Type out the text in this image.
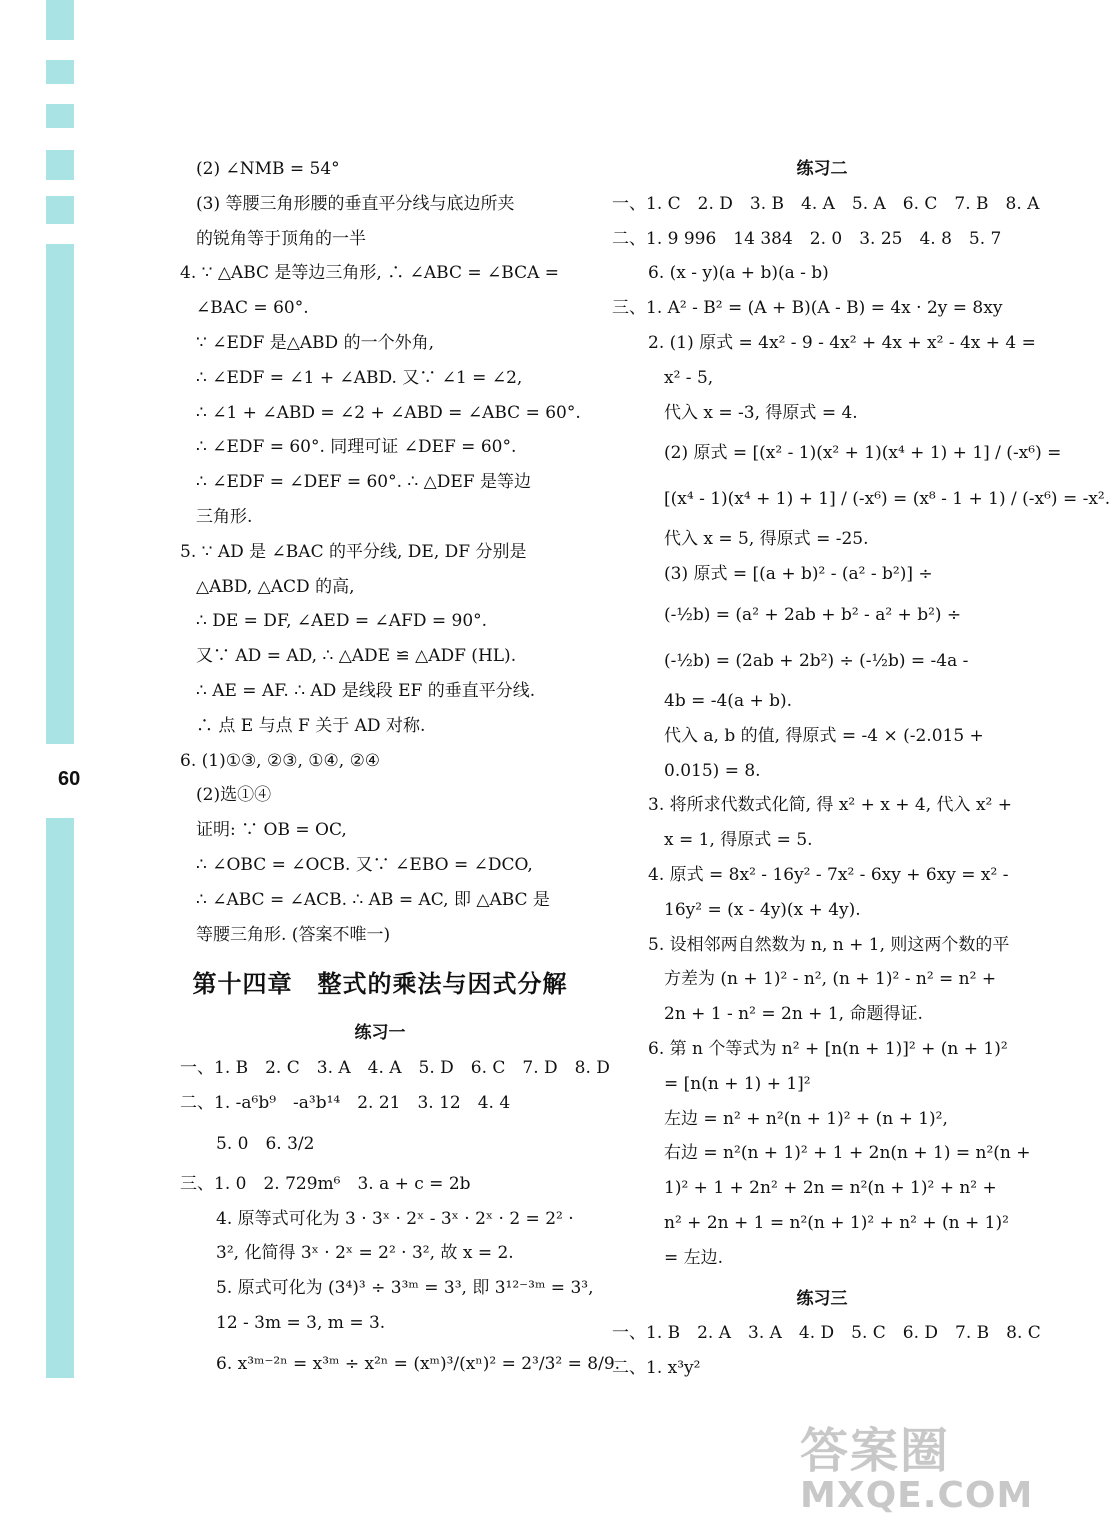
60
(2) ∠NMB = 54°
(3) 等腰三角形腰的垂直平分线与底边所夹
的锐角等于顶角的一半
4. ∵ △ABC 是等边三角形, ∴ ∠ABC = ∠BCA =
∠BAC = 60°.
∵ ∠EDF 是△ABD 的一个外角,
∴ ∠EDF = ∠1 + ∠ABD. 又∵ ∠1 = ∠2,
∴ ∠1 + ∠ABD = ∠2 + ∠ABD = ∠ABC = 60°.
∴ ∠EDF = 60°. 同理可证 ∠DEF = 60°.
∴ ∠EDF = ∠DEF = 60°. ∴ △DEF 是等边
三角形.
5. ∵ AD 是 ∠BAC 的平分线, DE, DF 分别是
△ABD, △ACD 的高,
∴ DE = DF, ∠AED = ∠AFD = 90°.
又∵ AD = AD, ∴ △ADE ≌ △ADF (HL).
∴ AE = AF. ∴ AD 是线段 EF 的垂直平分线.
∴ 点 E 与点 F 关于 AD 对称.
6. (1)①③, ②③, ①④, ②④
(2)选①④
证明: ∵ OB = OC,
∴ ∠OBC = ∠OCB. 又∵ ∠EBO = ∠DCO,
∴ ∠ABC = ∠ACB. ∴ AB = AC, 即 △ABC 是
等腰三角形. (答案不唯一)
第十四章　整式的乘法与因式分解
练习一
一、1. B　2. C　3. A　4. A　5. D　6. C　7. D　8. D
二、1. -a⁶b⁹　-a³b¹⁴　2. 21　3. 12　4. 4
5. 0　6. 3/2
三、1. 0　2. 729m⁶　3. a + c = 2b
4. 原等式可化为 3 · 3ˣ · 2ˣ - 3ˣ · 2ˣ · 2 = 2² ·
3², 化简得 3ˣ · 2ˣ = 2² · 3², 故 x = 2.
5. 原式可化为 (3⁴)³ ÷ 3³ᵐ = 3³, 即 3¹²⁻³ᵐ = 3³,
12 - 3m = 3, m = 3.
6. x³ᵐ⁻²ⁿ = x³ᵐ ÷ x²ⁿ = (xᵐ)³/(xⁿ)² = 2³/3² = 8/9.
练习二
一、1. C　2. D　3. B　4. A　5. A　6. C　7. B　8. A
二、1. 9 996　14 384　2. 0　3. 25　4. 8　5. 7
6. (x - y)(a + b)(a - b)
三、1. A² - B² = (A + B)(A - B) = 4x · 2y = 8xy
2. (1) 原式 = 4x² - 9 - 4x² + 4x + x² - 4x + 4 =
x² - 5,
代入 x = -3, 得原式 = 4.
(2) 原式 = [(x² - 1)(x² + 1)(x⁴ + 1) + 1] / (-x⁶) =
[(x⁴ - 1)(x⁴ + 1) + 1] / (-x⁶) = (x⁸ - 1 + 1) / (-x⁶) = -x².
代入 x = 5, 得原式 = -25.
(3) 原式 = [(a + b)² - (a² - b²)] ÷
(-½b) = (a² + 2ab + b² - a² + b²) ÷
(-½b) = (2ab + 2b²) ÷ (-½b) = -4a -
4b = -4(a + b).
代入 a, b 的值, 得原式 = -4 × (-2.015 +
0.015) = 8.
3. 将所求代数式化简, 得 x² + x + 4, 代入 x² +
x = 1, 得原式 = 5.
4. 原式 = 8x² - 16y² - 7x² - 6xy + 6xy = x² -
16y² = (x - 4y)(x + 4y).
5. 设相邻两自然数为 n, n + 1, 则这两个数的平
方差为 (n + 1)² - n², (n + 1)² - n² = n² +
2n + 1 - n² = 2n + 1, 命题得证.
6. 第 n 个等式为 n² + [n(n + 1)]² + (n + 1)²
= [n(n + 1) + 1]²
左边 = n² + n²(n + 1)² + (n + 1)²,
右边 = n²(n + 1)² + 1 + 2n(n + 1) = n²(n +
1)² + 1 + 2n² + 2n = n²(n + 1)² + n² +
n² + 2n + 1 = n²(n + 1)² + n² + (n + 1)²
= 左边.
练习三
一、1. B　2. A　3. A　4. D　5. C　6. D　7. B　8. C
二、1. x³y²
答案圈
MXQE.COM
